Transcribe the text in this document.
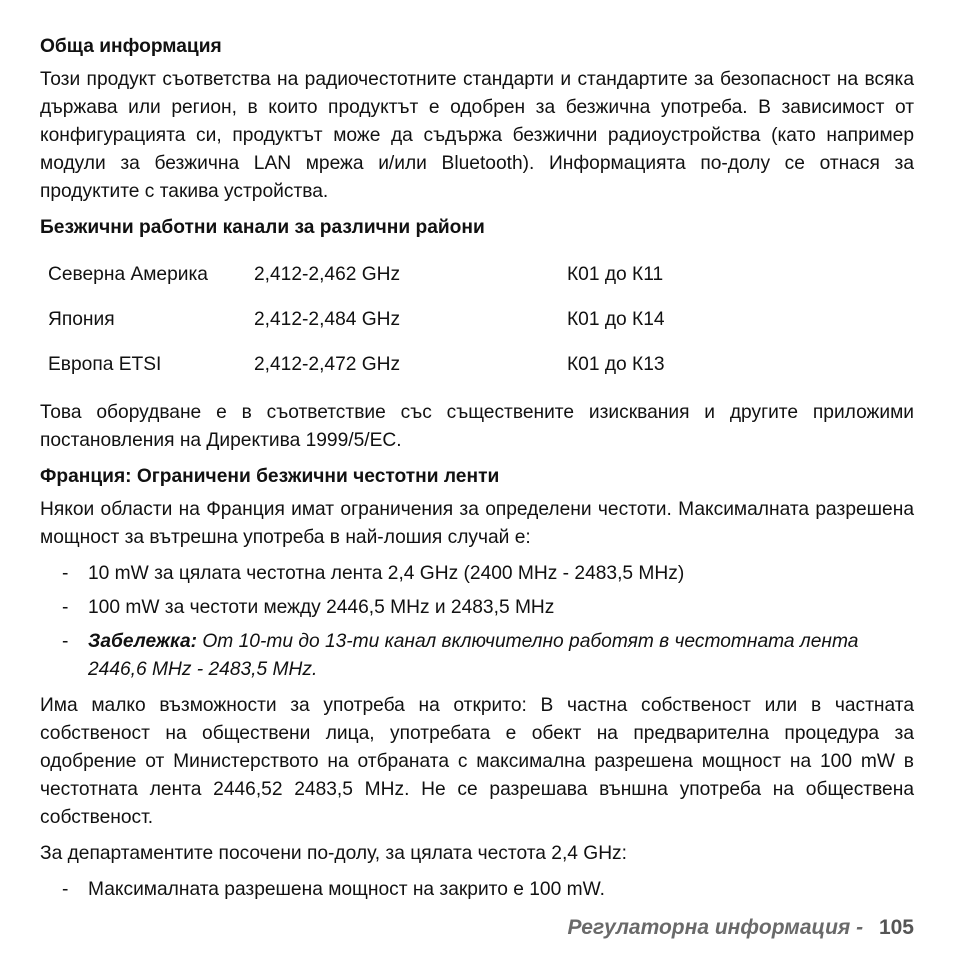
Обща информация

Този продукт съответства на радиочестотните стандарти и стандартите за безопасност на всяка държава или регион, в които продуктът е одобрен за безжична употреба. В зависимост от конфигурацията си, продуктът може да съдържа безжични радиоустройства (като например модули за безжична LAN мрежа и/или Bluetooth). Информацията по-долу се отнася за продуктите с такива устройства.

Безжични работни канали за различни райони
Северна Америка	2,412-2,462 GHz	К01 до К11
Япония	2,412-2,484 GHz	К01 до К14
Европа ETSI	2,412-2,472 GHz	К01 до К13

Това оборудване е в съответствие със съществените изисквания и другите приложими постановления на Директива 1999/5/EC.

Франция: Ограничени безжични честотни ленти

Някои области на Франция имат ограничения за определени честоти. Максималната разрешена мощност за вътрешна употреба в най-лошия случай е:

-	10 mW за цялата честотна лента 2,4 GHz (2400 MHz - 2483,5 MHz)
-	100 mW за честоти между 2446,5 MHz и 2483,5 MHz
-	Забележка: От 10-ти до 13-ти канал включително работят в честотната лента 2446,6 MHz - 2483,5 MHz.

Има малко възможности за употреба на открито: В частна собственост или в частната собственост на обществени лица, употребата е обект на предварителна процедура за одобрение от Министерството на отбраната с максимална разрешена мощност на 100 mW в честотната лента 2446,52 2483,5 MHz. Не се разрешава външна употреба на обществена собственост.

За департаментите посочени по-долу, за цялата честота 2,4 GHz:

-	Максималната разрешена мощност на закрито е 100 mW.
Регулаторна информация - 105
